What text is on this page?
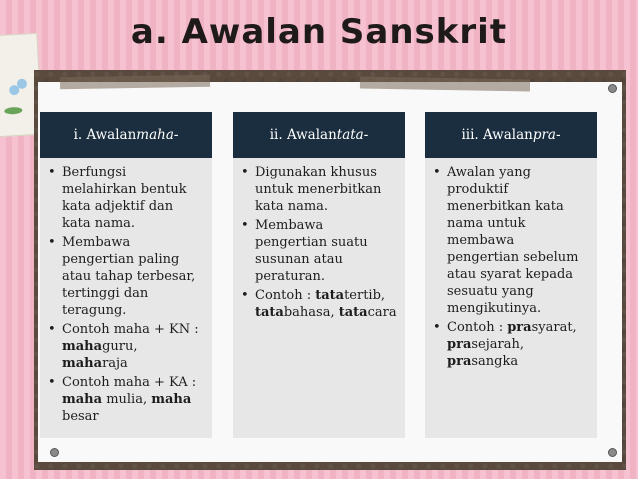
a. Awalan Sanskrit
i.
Awalan maha-
• Berfungsi melahirkan bentuk kata adjektif dan kata nama.
• Membawa pengertian paling atau tahap terbesar, tertinggi dan teragung.
• Contoh maha + KN : mahaguru, maharaja
• Contoh maha + KA : maha mulia, maha besar
ii.
Awalan tata-
• Digunakan khusus untuk menerbitkan kata nama.
• Membawa pengertian suatu susunan atau peraturan.
• Contoh : tatatertib, tatabahasa, tatacara
iii.
Awalan pra-
• Awalan yang produktif menerbitkan kata nama untuk membawa pengertian sebelum atau syarat kepada sesuatu yang mengikutinya.
• Contoh : prasyarat, prasejarah, prasangka
